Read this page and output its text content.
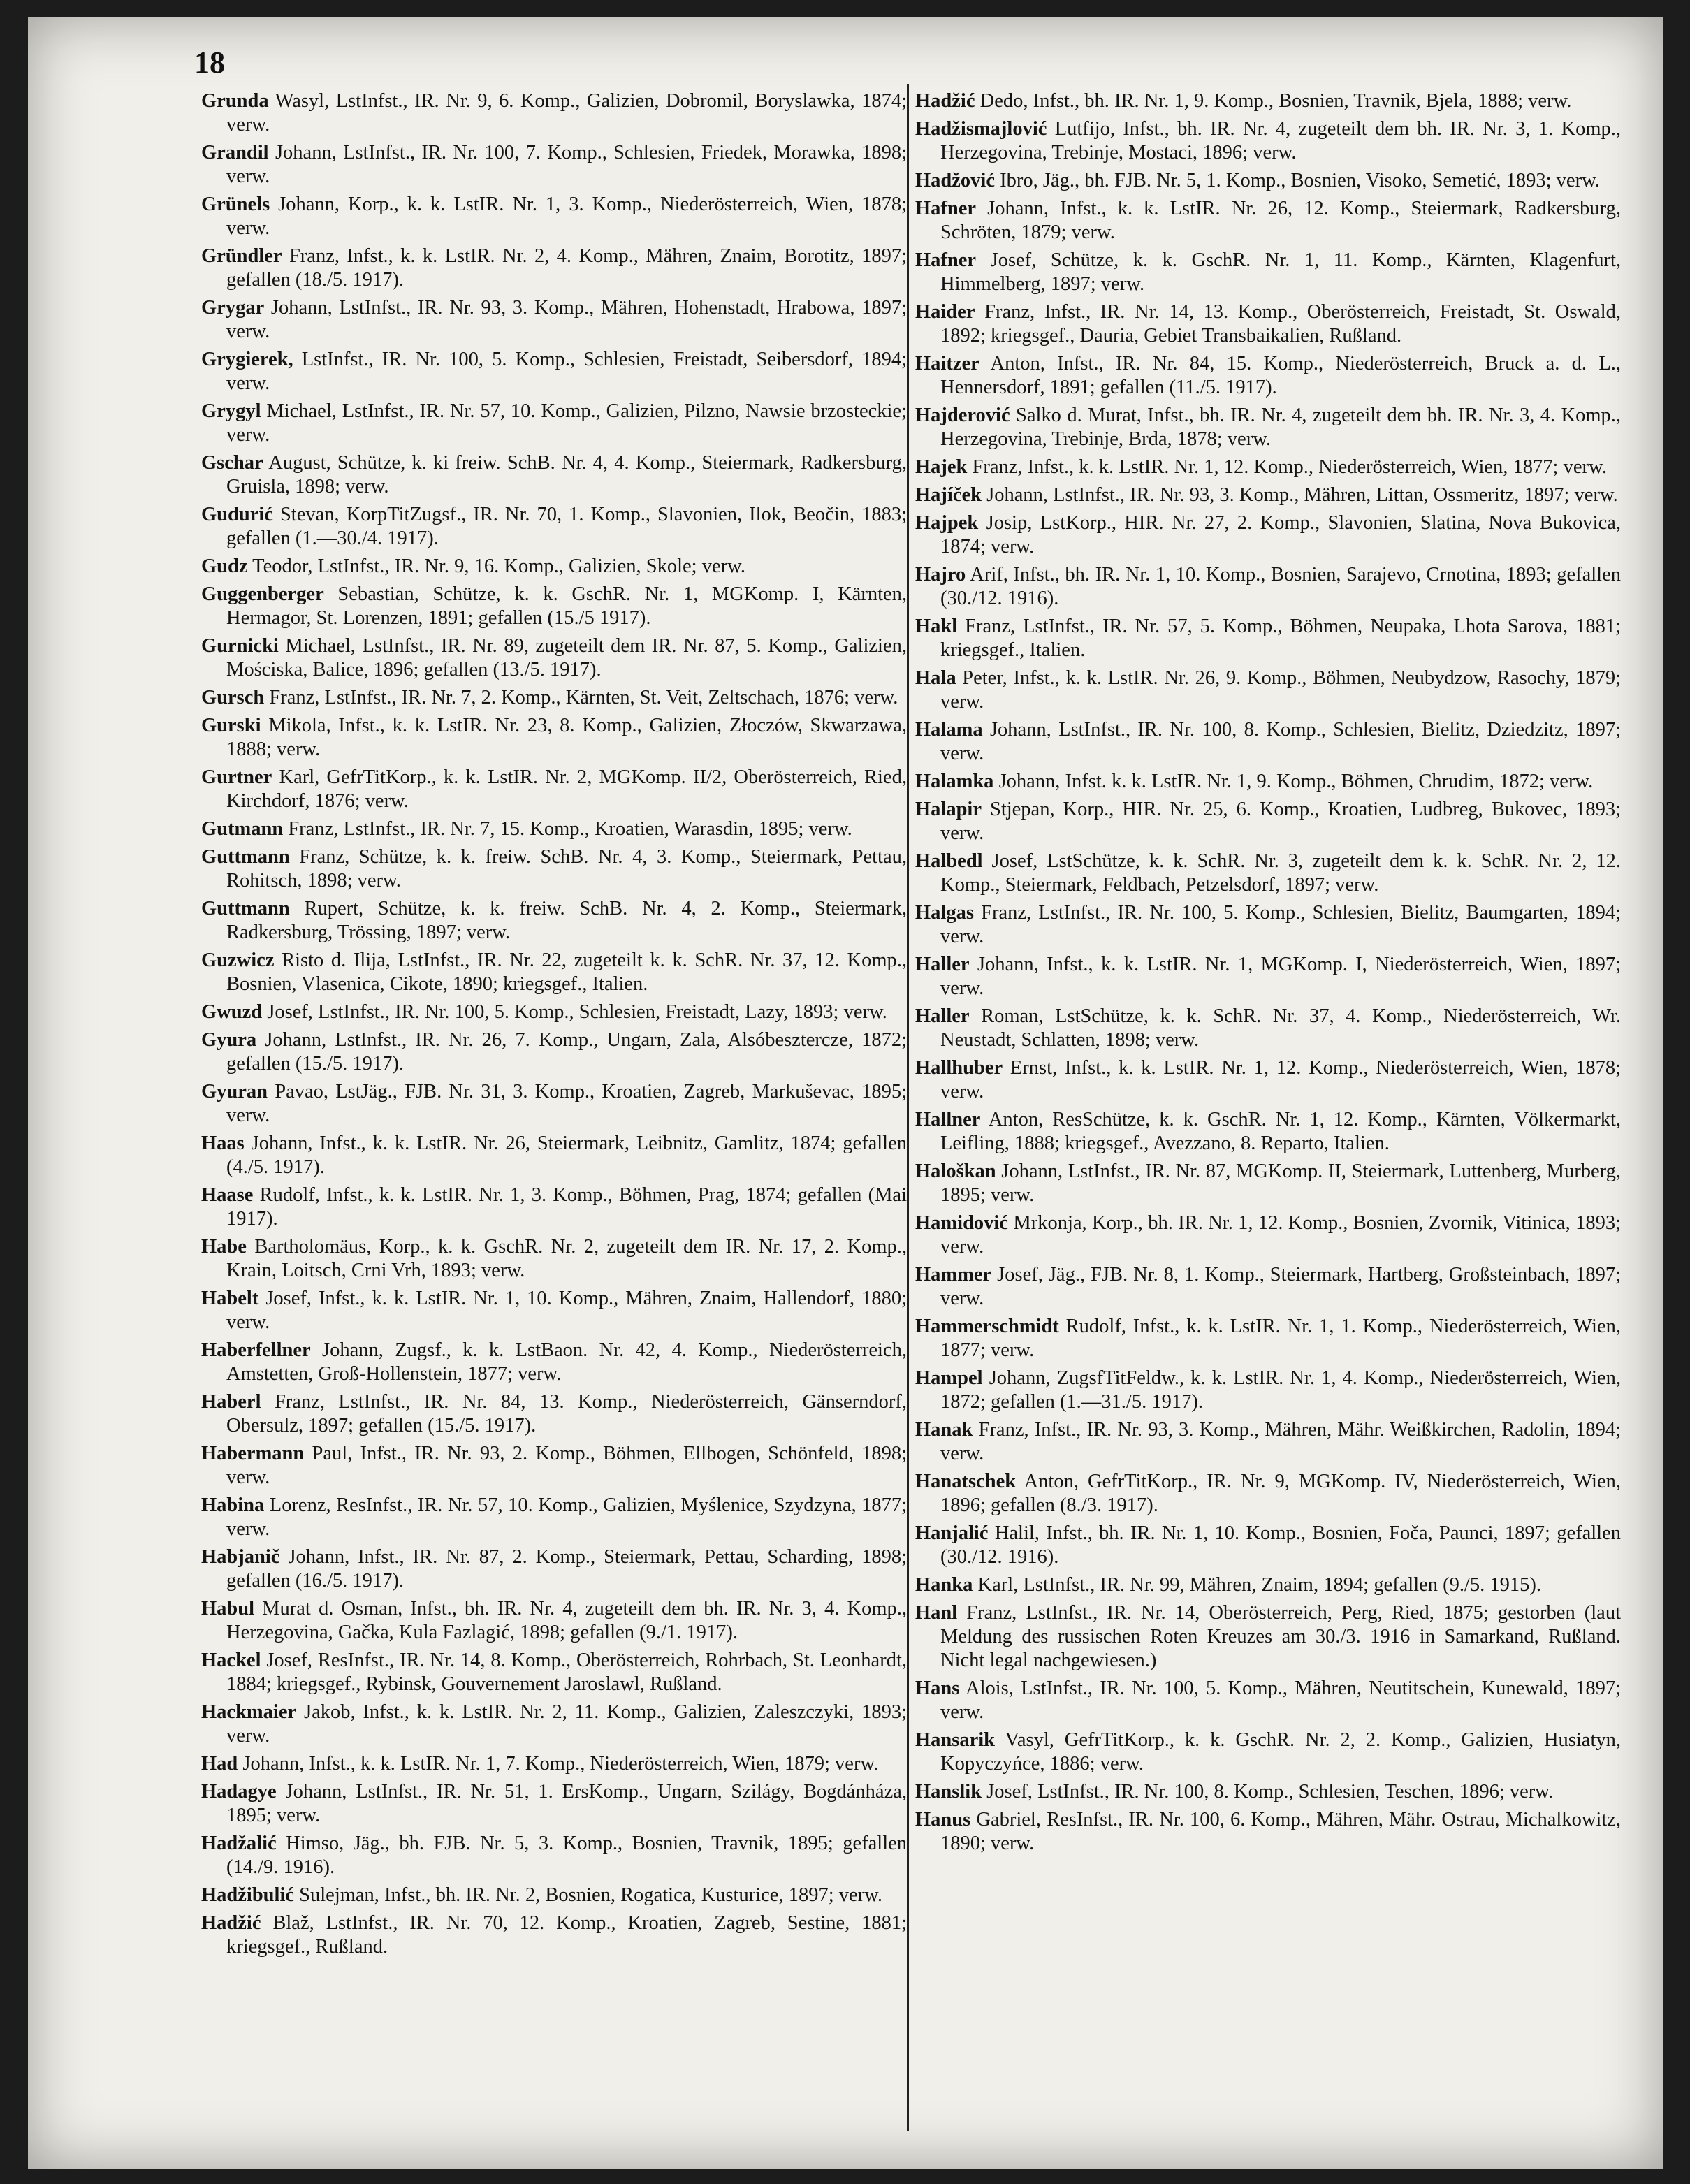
18

Grunda Wasyl, LstInfst., IR. Nr. 9, 6. Komp., Galizien, Dobromil, Boryslawka, 1874; verw.

Grandil Johann, LstInfst., IR. Nr. 100, 7. Komp., Schlesien, Friedek, Morawka, 1898; verw.

Grünels Johann, Korp., k. k. LstIR. Nr. 1, 3. Komp., Niederösterreich, Wien, 1878; verw.

Gründler Franz, Infst., k. k. LstIR. Nr. 2, 4. Komp., Mähren, Znaim, Borotitz, 1897; gefallen (18./5. 1917).

Grygar Johann, LstInfst., IR. Nr. 93, 3. Komp., Mähren, Hohenstadt, Hrabowa, 1897; verw.

Grygierek, LstInfst., IR. Nr. 100, 5. Komp., Schlesien, Freistadt, Seibersdorf, 1894; verw.

Grygyl Michael, LstInfst., IR. Nr. 57, 10. Komp., Galizien, Pilzno, Nawsie brzosteckie; verw.

Gschar August, Schütze, k. ki freiw. SchB. Nr. 4, 4. Komp., Steiermark, Radkersburg, Gruisla, 1898; verw.

Gudurić Stevan, KorpTitZugsf., IR. Nr. 70, 1. Komp., Slavonien, Ilok, Beočin, 1883; gefallen (1.—30./4. 1917).

Gudz Teodor, LstInfst., IR. Nr. 9, 16. Komp., Galizien, Skole; verw.

Guggenberger Sebastian, Schütze, k. k. GschR. Nr. 1, MGKomp. I, Kärnten, Hermagor, St. Lorenzen, 1891; gefallen (15./5 1917).

Gurnicki Michael, LstInfst., IR. Nr. 89, zugeteilt dem IR. Nr. 87, 5. Komp., Galizien, Mościska, Balice, 1896; gefallen (13./5. 1917).

Gursch Franz, LstInfst., IR. Nr. 7, 2. Komp., Kärnten, St. Veit, Zeltschach, 1876; verw.

Gurski Mikola, Infst., k. k. LstIR. Nr. 23, 8. Komp., Galizien, Złoczów, Skwarzawa, 1888; verw.

Gurtner Karl, GefrTitKorp., k. k. LstIR. Nr. 2, MGKomp. II/2, Oberösterreich, Ried, Kirchdorf, 1876; verw.

Gutmann Franz, LstInfst., IR. Nr. 7, 15. Komp., Kroatien, Warasdin, 1895; verw.

Guttmann Franz, Schütze, k. k. freiw. SchB. Nr. 4, 3. Komp., Steiermark, Pettau, Rohitsch, 1898; verw.

Guttmann Rupert, Schütze, k. k. freiw. SchB. Nr. 4, 2. Komp., Steiermark, Radkersburg, Trössing, 1897; verw.

Guzwicz Risto d. Ilija, LstInfst., IR. Nr. 22, zugeteilt k. k. SchR. Nr. 37, 12. Komp., Bosnien, Vlasenica, Cikote, 1890; kriegsgef., Italien.

Gwuzd Josef, LstInfst., IR. Nr. 100, 5. Komp., Schlesien, Freistadt, Lazy, 1893; verw.

Gyura Johann, LstInfst., IR. Nr. 26, 7. Komp., Ungarn, Zala, Alsóbesztercze, 1872; gefallen (15./5. 1917).

Gyuran Pavao, LstJäg., FJB. Nr. 31, 3. Komp., Kroatien, Zagreb, Markuševac, 1895; verw.

Haas Johann, Infst., k. k. LstIR. Nr. 26, Steiermark, Leibnitz, Gamlitz, 1874; gefallen (4./5. 1917).

Haase Rudolf, Infst., k. k. LstIR. Nr. 1, 3. Komp., Böhmen, Prag, 1874; gefallen (Mai 1917).

Habe Bartholomäus, Korp., k. k. GschR. Nr. 2, zugeteilt dem IR. Nr. 17, 2. Komp., Krain, Loitsch, Crni Vrh, 1893; verw.

Habelt Josef, Infst., k. k. LstIR. Nr. 1, 10. Komp., Mähren, Znaim, Hallendorf, 1880; verw.

Haberfellner Johann, Zugsf., k. k. LstBaon. Nr. 42, 4. Komp., Niederösterreich, Amstetten, Groß-Hollenstein, 1877; verw.

Haberl Franz, LstInfst., IR. Nr. 84, 13. Komp., Niederösterreich, Gänserndorf, Obersulz, 1897; gefallen (15./5. 1917).

Habermann Paul, Infst., IR. Nr. 93, 2. Komp., Böhmen, Ellbogen, Schönfeld, 1898; verw.

Habina Lorenz, ResInfst., IR. Nr. 57, 10. Komp., Galizien, Myślenice, Szydzyna, 1877; verw.

Habjanič Johann, Infst., IR. Nr. 87, 2. Komp., Steiermark, Pettau, Scharding, 1898; gefallen (16./5. 1917).

Habul Murat d. Osman, Infst., bh. IR. Nr. 4, zugeteilt dem bh. IR. Nr. 3, 4. Komp., Herzegovina, Gačka, Kula Fazlagić, 1898; gefallen (9./1. 1917).

Hackel Josef, ResInfst., IR. Nr. 14, 8. Komp., Oberösterreich, Rohrbach, St. Leonhardt, 1884; kriegsgef., Rybinsk, Gouvernement Jaroslawl, Rußland.

Hackmaier Jakob, Infst., k. k. LstIR. Nr. 2, 11. Komp., Galizien, Zaleszczyki, 1893; verw.

Had Johann, Infst., k. k. LstIR. Nr. 1, 7. Komp., Niederösterreich, Wien, 1879; verw.

Hadagye Johann, LstInfst., IR. Nr. 51, 1. ErsKomp., Ungarn, Szilágy, Bogdánháza, 1895; verw.

Hadžalić Himso, Jäg., bh. FJB. Nr. 5, 3. Komp., Bosnien, Travnik, 1895; gefallen (14./9. 1916).

Hadžibulić Sulejman, Infst., bh. IR. Nr. 2, Bosnien, Rogatica, Kusturice, 1897; verw.

Hadžić Blaž, LstInfst., IR. Nr. 70, 12. Komp., Kroatien, Zagreb, Sestine, 1881; kriegsgef., Rußland.

Hadžić Dedo, Infst., bh. IR. Nr. 1, 9. Komp., Bosnien, Travnik, Bjela, 1888; verw.

Hadžismajlović Lutfijo, Infst., bh. IR. Nr. 4, zugeteilt dem bh. IR. Nr. 3, 1. Komp., Herzegovina, Trebinje, Mostaci, 1896; verw.

Hadžović Ibro, Jäg., bh. FJB. Nr. 5, 1. Komp., Bosnien, Visoko, Semetić, 1893; verw.

Hafner Johann, Infst., k. k. LstIR. Nr. 26, 12. Komp., Steiermark, Radkersburg, Schröten, 1879; verw.

Hafner Josef, Schütze, k. k. GschR. Nr. 1, 11. Komp., Kärnten, Klagenfurt, Himmelberg, 1897; verw.

Haider Franz, Infst., IR. Nr. 14, 13. Komp., Oberösterreich, Freistadt, St. Oswald, 1892; kriegsgef., Dauria, Gebiet Transbaikalien, Rußland.

Haitzer Anton, Infst., IR. Nr. 84, 15. Komp., Niederösterreich, Bruck a. d. L., Hennersdorf, 1891; gefallen (11./5. 1917).

Hajderović Salko d. Murat, Infst., bh. IR. Nr. 4, zugeteilt dem bh. IR. Nr. 3, 4. Komp., Herzegovina, Trebinje, Brda, 1878; verw.

Hajek Franz, Infst., k. k. LstIR. Nr. 1, 12. Komp., Niederösterreich, Wien, 1877; verw.

Hajíček Johann, LstInfst., IR. Nr. 93, 3. Komp., Mähren, Littan, Ossmeritz, 1897; verw.

Hajpek Josip, LstKorp., HIR. Nr. 27, 2. Komp., Slavonien, Slatina, Nova Bukovica, 1874; verw.

Hajro Arif, Infst., bh. IR. Nr. 1, 10. Komp., Bosnien, Sarajevo, Crnotina, 1893; gefallen (30./12. 1916).

Hakl Franz, LstInfst., IR. Nr. 57, 5. Komp., Böhmen, Neupaka, Lhota Sarova, 1881; kriegsgef., Italien.

Hala Peter, Infst., k. k. LstIR. Nr. 26, 9. Komp., Böhmen, Neubydzow, Rasochy, 1879; verw.

Halama Johann, LstInfst., IR. Nr. 100, 8. Komp., Schlesien, Bielitz, Dziedzitz, 1897; verw.

Halamka Johann, Infst. k. k. LstIR. Nr. 1, 9. Komp., Böhmen, Chrudim, 1872; verw.

Halapir Stjepan, Korp., HIR. Nr. 25, 6. Komp., Kroatien, Ludbreg, Bukovec, 1893; verw.

Halbedl Josef, LstSchütze, k. k. SchR. Nr. 3, zugeteilt dem k. k. SchR. Nr. 2, 12. Komp., Steiermark, Feldbach, Petzelsdorf, 1897; verw.

Halgas Franz, LstInfst., IR. Nr. 100, 5. Komp., Schlesien, Bielitz, Baumgarten, 1894; verw.

Haller Johann, Infst., k. k. LstIR. Nr. 1, MGKomp. I, Niederösterreich, Wien, 1897; verw.

Haller Roman, LstSchütze, k. k. SchR. Nr. 37, 4. Komp., Niederösterreich, Wr. Neustadt, Schlatten, 1898; verw.

Hallhuber Ernst, Infst., k. k. LstIR. Nr. 1, 12. Komp., Niederösterreich, Wien, 1878; verw.

Hallner Anton, ResSchütze, k. k. GschR. Nr. 1, 12. Komp., Kärnten, Völkermarkt, Leifling, 1888; kriegsgef., Avezzano, 8. Reparto, Italien.

Haloškan Johann, LstInfst., IR. Nr. 87, MGKomp. II, Steiermark, Luttenberg, Murberg, 1895; verw.

Hamidović Mrkonja, Korp., bh. IR. Nr. 1, 12. Komp., Bosnien, Zvornik, Vitinica, 1893; verw.

Hammer Josef, Jäg., FJB. Nr. 8, 1. Komp., Steiermark, Hartberg, Großsteinbach, 1897; verw.

Hammerschmidt Rudolf, Infst., k. k. LstIR. Nr. 1, 1. Komp., Niederösterreich, Wien, 1877; verw.

Hampel Johann, ZugsfTitFeldw., k. k. LstIR. Nr. 1, 4. Komp., Niederösterreich, Wien, 1872; gefallen (1.—31./5. 1917).

Hanak Franz, Infst., IR. Nr. 93, 3. Komp., Mähren, Mähr. Weißkirchen, Radolin, 1894; verw.

Hanatschek Anton, GefrTitKorp., IR. Nr. 9, MGKomp. IV, Niederösterreich, Wien, 1896; gefallen (8./3. 1917).

Hanjalić Halil, Infst., bh. IR. Nr. 1, 10. Komp., Bosnien, Foča, Paunci, 1897; gefallen (30./12. 1916).

Hanka Karl, LstInfst., IR. Nr. 99, Mähren, Znaim, 1894; gefallen (9./5. 1915).

Hanl Franz, LstInfst., IR. Nr. 14, Oberösterreich, Perg, Ried, 1875; gestorben (laut Meldung des russischen Roten Kreuzes am 30./3. 1916 in Samarkand, Rußland. Nicht legal nachgewiesen.)

Hans Alois, LstInfst., IR. Nr. 100, 5. Komp., Mähren, Neutitschein, Kunewald, 1897; verw.

Hansarik Vasyl, GefrTitKorp., k. k. GschR. Nr. 2, 2. Komp., Galizien, Husiatyn, Kopyczyńce, 1886; verw.

Hanslik Josef, LstInfst., IR. Nr. 100, 8. Komp., Schlesien, Teschen, 1896; verw.

Hanus Gabriel, ResInfst., IR. Nr. 100, 6. Komp., Mähren, Mähr. Ostrau, Michalkowitz, 1890; verw.
